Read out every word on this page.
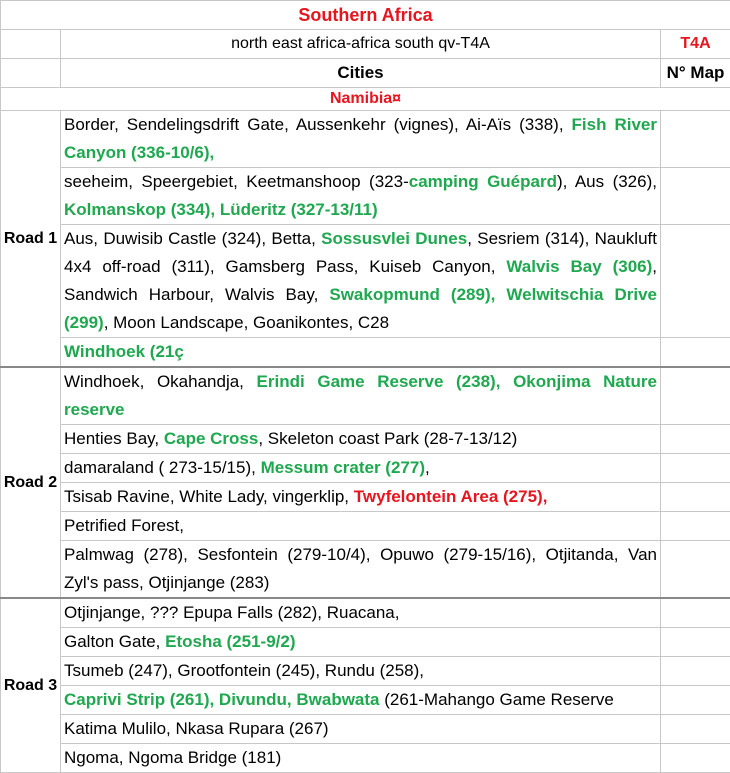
Southern Africa		
	north east africa-africa south qv-T4A	T4A
	Cities	N° Map
Namibia¤		
Road 1	Border, Sendelingsdrift Gate, Aussenkehr (vignes), Ai-Aïs (338), Fish River Canyon (336-10/6),	
	seeheim, Speergebiet, Keetmanshoop (323-camping Guépard), Aus (326), Kolmanskop (334), Lüderitz (327-13/11)	
	Aus, Duwisib Castle (324), Betta, Sossusvlei Dunes, Sesriem (314), Naukluft 4x4 off-road (311), Gamsberg Pass, Kuiseb Canyon, Walvis Bay (306), Sandwich Harbour, Walvis Bay, Swakopmund (289), Welwitschia Drive (299), Moon Landscape, Goanikontes, C28	
	Windhoek (21ç	
Road 2	Windhoek, Okahandja, Erindi Game Reserve (238), Okonjima Nature reserve	
	Henties Bay, Cape Cross, Skeleton coast Park (28-7-13/12)	
	damaraland ( 273-15/15), Messum crater (277),	
	Tsisab Ravine, White Lady, vingerklip, Twyfelontein Area (275),	
	Petrified Forest,	
	Palmwag (278), Sesfontein (279-10/4), Opuwo (279-15/16), Otjitanda, Van Zyl's pass, Otjinjange (283)	
Road 3	Otjinjange, ??? Epupa Falls (282), Ruacana,	
	Galton Gate, Etosha (251-9/2)	
	Tsumeb (247), Grootfontein (245), Rundu (258),	
	Caprivi Strip (261), Divundu, Bwabwata (261-Mahango Game Reserve	
	Katima Mulilo, Nkasa Rupara (267)	
	Ngoma, Ngoma Bridge (181)	
